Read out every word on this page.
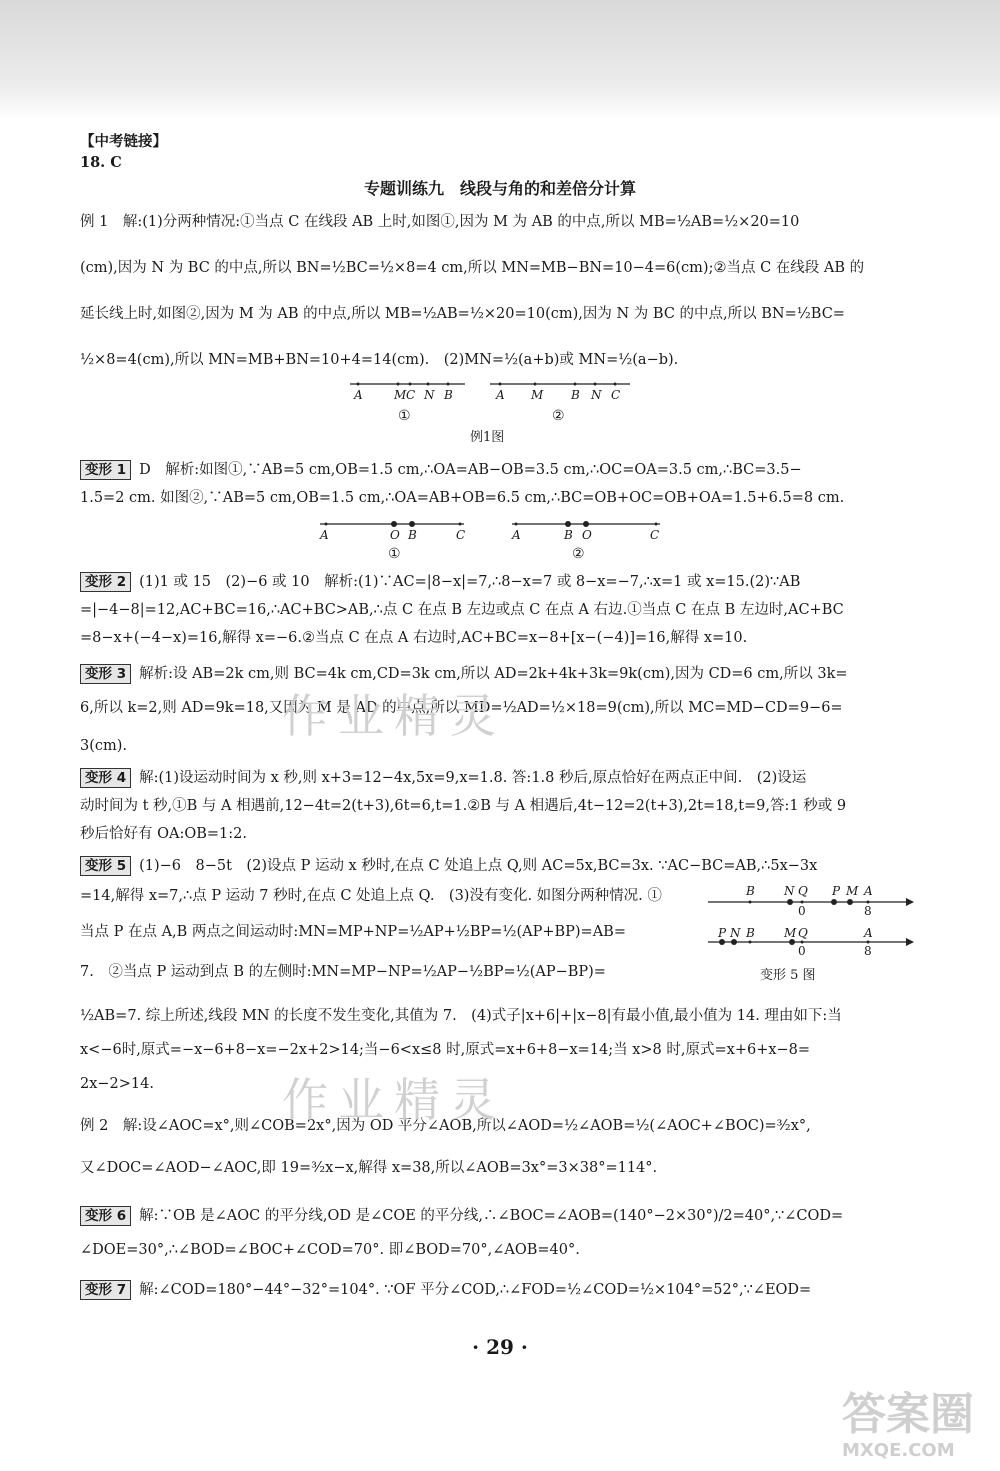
【中考链接】
18. C
专题训练九　线段与角的和差倍分计算
例 1　解:(1)分两种情况:①当点 C 在线段 AB 上时,如图①,因为 M 为 AB 的中点,所以 MB=½AB=½×20=10
(cm),因为 N 为 BC 的中点,所以 BN=½BC=½×8=4 cm,所以 MN=MB−BN=10−4=6(cm);②当点 C 在线段 AB 的
延长线上时,如图②,因为 M 为 AB 的中点,所以 MB=½AB=½×20=10(cm),因为 N 为 BC 的中点,所以 BN=½BC=
½×8=4(cm),所以 MN=MB+BN=10+4=14(cm).　(2)MN=½(a+b)或 MN=½(a−b).
A	M C N B	A M B N C
①	②
例1图
变形 1 D　解析:如图①,∵AB=5 cm,OB=1.5 cm,∴OA=AB−OB=3.5 cm,∴OC=OA=3.5 cm,∴BC=3.5−
1.5=2 cm. 如图②,∵AB=5 cm,OB=1.5 cm,∴OA=AB+OB=6.5 cm,∴BC=OB+OC=OB+OA=1.5+6.5=8 cm.
A	O B	C	A	B O	C
①	②
变形 2 (1)1 或 15　(2)−6 或 10　解析:(1)∵AC=|8−x|=7,∴8−x=7 或 8−x=−7,∴x=1 或 x=15.(2)∵AB
=|−4−8|=12,AC+BC=16,∴AC+BC>AB,∴点 C 在点 B 左边或点 C 在点 A 右边.①当点 C 在点 B 左边时,AC+BC
=8−x+(−4−x)=16,解得 x=−6.②当点 C 在点 A 右边时,AC+BC=x−8+[x−(−4)]=16,解得 x=10.
变形 3 解析:设 AB=2k cm,则 BC=4k cm,CD=3k cm,所以 AD=2k+4k+3k=9k(cm),因为 CD=6 cm,所以 3k=
6,所以 k=2,则 AD=9k=18,又因为 M 是 AD 的中点,所以 MD=½AD=½×18=9(cm),所以 MC=MD−CD=9−6=
3(cm).
变形 4 解:(1)设运动时间为 x 秒,则 x+3=12−4x,5x=9,x=1.8. 答:1.8 秒后,原点恰好在两点正中间.　(2)设运
动时间为 t 秒,①B 与 A 相遇前,12−4t=2(t+3),6t=6,t=1.②B 与 A 相遇后,4t−12=2(t+3),2t=18,t=9,答:1 秒或 9
秒后恰好有 OA:OB=1:2.
变形 5 (1)−6　8−5t　(2)设点 P 运动 x 秒时,在点 C 处追上点 Q,则 AC=5x,BC=3x. ∵AC−BC=AB,∴5x−3x
=14,解得 x=7,∴点 P 运动 7 秒时,在点 C 处追上点 Q.　(3)没有变化. 如图分两种情况. ①
当点 P 在点 A,B 两点之间运动时:MN=MP+NP=½AP+½BP=½(AP+BP)=AB=
7.　②当点 P 运动到点 B 的左侧时:MN=MP−NP=½AP−½BP=½(AP−BP)=
½AB=7. 综上所述,线段 MN 的长度不发生变化,其值为 7.　(4)式子|x+6|+|x−8|有最小值,最小值为 14. 理由如下:当
x<−6时,原式=−x−6+8−x=−2x+2>14;当−6<x≤8 时,原式=x+6+8−x=14;当 x>8 时,原式=x+6+x−8=
2x−2>14.
B N Q P M A
0	8
P N B M Q	A
0	8
变形 5 图
例 2　解:设∠AOC=x°,则∠COB=2x°,因为 OD 平分∠AOB,所以∠AOD=½∠AOB=½(∠AOC+∠BOC)=³⁄₂x°,
又∠DOC=∠AOD−∠AOC,即 19=³⁄₂x−x,解得 x=38,所以∠AOB=3x°=3×38°=114°.
变形 6 解:∵OB 是∠AOC 的平分线,OD 是∠COE 的平分线,∴∠BOC=∠AOB=(140°−2×30°)/2=40°,∵∠COD=
∠DOE=30°,∴∠BOD=∠BOC+∠COD=70°. 即∠BOD=70°,∠AOB=40°.
变形 7 解:∠COD=180°−44°−32°=104°. ∵OF 平分∠COD,∴∠FOD=½∠COD=½×104°=52°,∵∠EOD=
· 29 ·
作业精灵
作业精灵
答案圈
MXQE.COM
